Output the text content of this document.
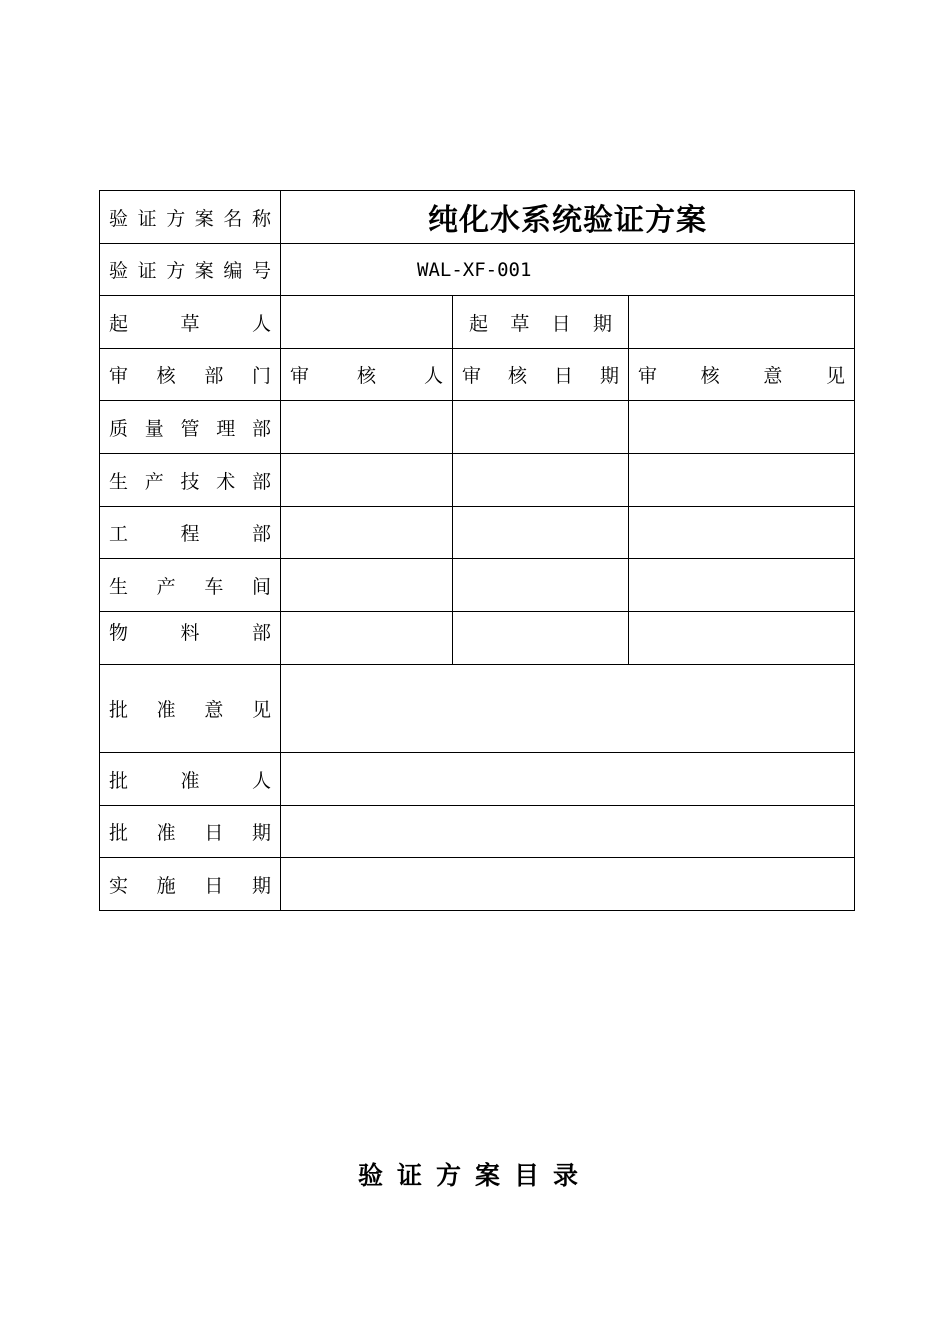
验证方案名称	纯化水系统验证方案		
验证方案编号	WAL-XF-001		
起草人		起草日期	
审核部门	审核人	审核日期	审核意见
质量管理部			
生产技术部			
工程部			
生产车间			
物料部			
批准意见			
批准人			
批准日期			
实施日期			
验证方案目录
